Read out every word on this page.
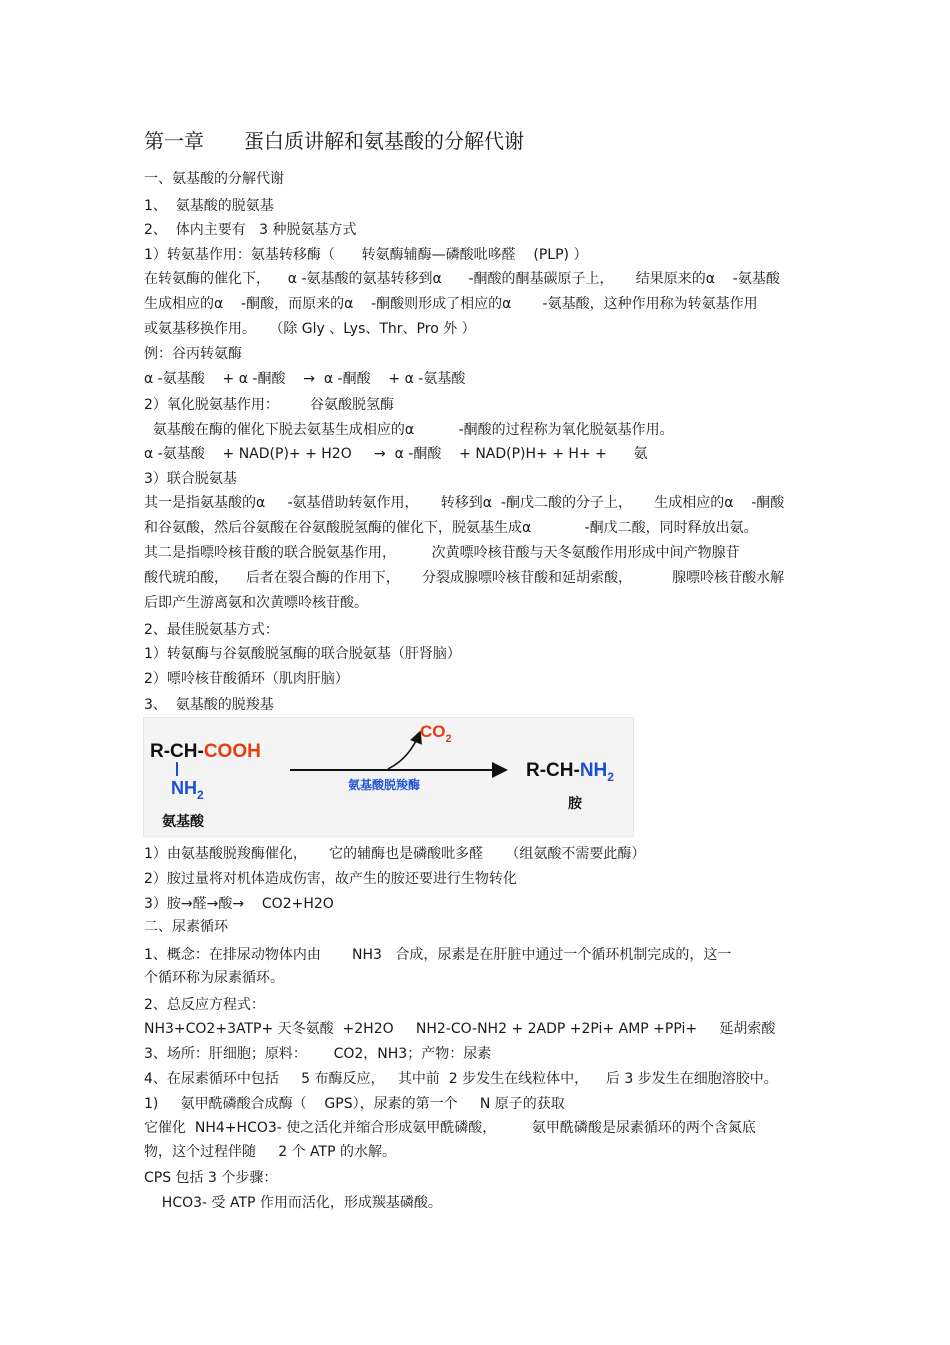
第一章　　蛋白质讲解和氨基酸的分解代谢
一、氨基酸的分解代谢
1、  氨基酸的脱氨基
2、  体内主要有   3 种脱氨基方式
1）转氨基作用：氨基转移酶（      转氨酶辅酶—磷酸吡哆醛    (PLP) ）
在转氨酶的催化下，    α -氨基酸的氨基转移到α      -酮酸的酮基碳原子上，     结果原来的α    -氨基酸
生成相应的α    -酮酸，而原来的α    -酮酸则形成了相应的α       -氨基酸，这种作用称为转氨基作用
或氨基移换作用。   （除 Gly 、Lys、Thr、Pro 外 ）
例：谷丙转氨酶
α -氨基酸    + α -酮酸    →  α -酮酸    + α -氨基酸
2）氧化脱氨基作用：       谷氨酸脱氢酶
氨基酸在酶的催化下脱去氨基生成相应的α          -酮酸的过程称为氧化脱氨基作用。
α -氨基酸    + NAD(P)+ + H2O     →  α -酮酸    + NAD(P)H+ + H+ +      氨
3）联合脱氨基
其一是指氨基酸的α     -氨基借助转氨作用，     转移到α  -酮戊二酸的分子上，     生成相应的α    -酮酸
和谷氨酸，然后谷氨酸在谷氨酸脱氢酶的催化下，脱氨基生成α            -酮戊二酸，同时释放出氨。
其二是指嘌呤核苷酸的联合脱氨基作用，        次黄嘌呤核苷酸与天冬氨酸作用形成中间产物腺苷
酸代琥珀酸，    后者在裂合酶的作用下，     分裂成腺嘌呤核苷酸和延胡索酸，         腺嘌呤核苷酸水解
后即产生游离氨和次黄嘌呤核苷酸。
2、最佳脱氨基方式：
1）转氨酶与谷氨酸脱氢酶的联合脱氨基（肝肾脑）
2）嘌呤核苷酸循环（肌肉肝脑）
3、  氨基酸的脱羧基
R-CH-COOH
$NH_2$
氨基酸
$CO_2$
氨基酸脱羧酶
$R-CH-NH_2$
胺
1）由氨基酸脱羧酶催化，     它的辅酶也是磷酸吡多醛     （组氨酸不需要此酶）
2）胺过量将对机体造成伤害，故产生的胺还要进行生物转化
3）胺→醛→酸→    CO2+H2O
二、尿素循环
1、概念：在排尿动物体内由       NH3   合成，尿素是在肝脏中通过一个循环机制完成的，这一
个循环称为尿素循环。
2、总反应方程式：
NH3+CO2+3ATP+ 天冬氨酸  +2H2O     NH2-CO-NH2 + 2ADP +2Pi+ AMP +PPi+     延胡索酸
3、场所：肝细胞；原料：      CO2，NH3；产物：尿素
4、在尿素循环中包括     5 布酶反应，   其中前  2 步发生在线粒体中，    后 3 步发生在细胞溶胶中。
1)     氨甲酰磷酸合成酶（    GPS），尿素的第一个     N 原子的获取
它催化  NH4+HCO3- 使之活化并缩合形成氨甲酰磷酸，        氨甲酰磷酸是尿素循环的两个含氮底
物，这个过程伴随     2 个 ATP 的水解。
CPS 包括 3 个步骤：
HCO3- 受 ATP 作用而活化，形成羰基磷酸。
